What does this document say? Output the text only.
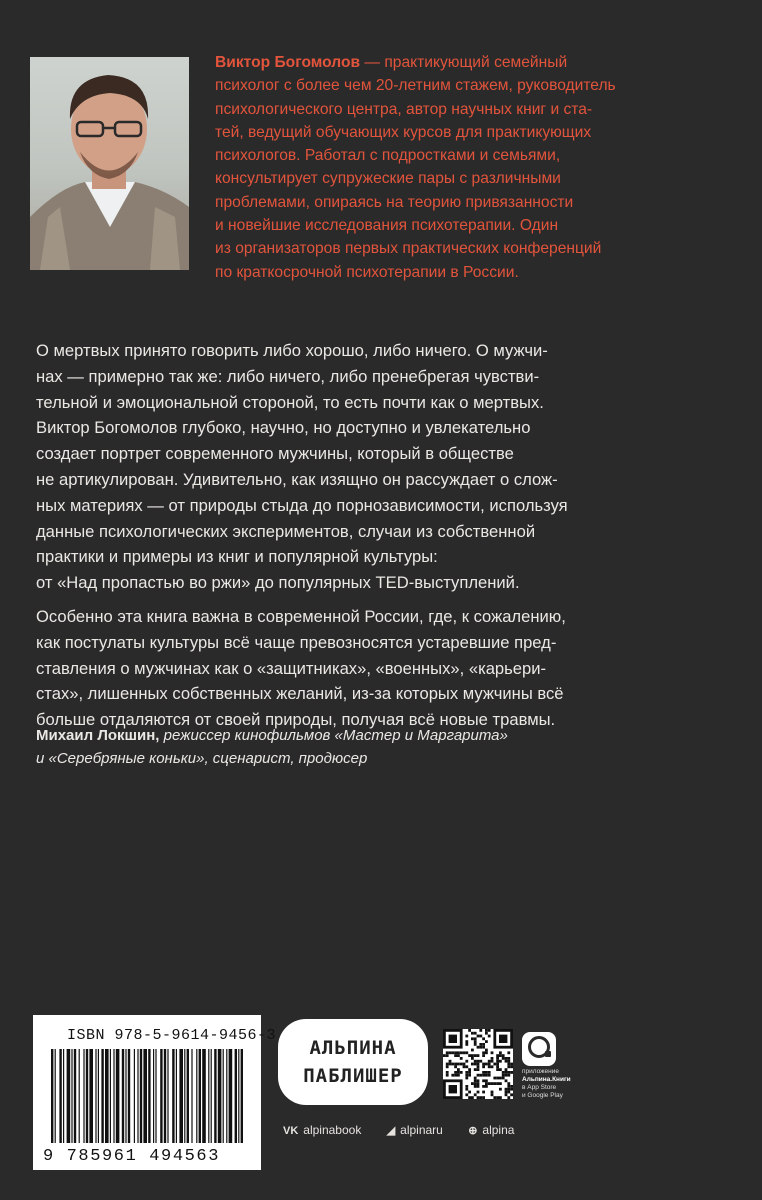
Виктор Богомолов — практикующий семейный
психолог с более чем 20-летним стажем, руководитель
психологического центра, автор научных книг и ста-
тей, ведущий обучающих курсов для практикующих
психологов. Работал с подростками и семьями,
консультирует супружеские пары с различными
проблемами, опираясь на теорию привязанности
и новейшие исследования психотерапии. Один
из организаторов первых практических конференций
по краткосрочной психотерапии в России.

О мертвых принято говорить либо хорошо, либо ничего. О мужчи-
нах — примерно так же: либо ничего, либо пренебрегая чувстви-
тельной и эмоциональной стороной, то есть почти как о мертвых.
Виктор Богомолов глубоко, научно, но доступно и увлекательно
создает портрет современного мужчины, который в обществе
не артикулирован. Удивительно, как изящно он рассуждает о слож-
ных материях — от природы стыда до порнозависимости, используя
данные психологических экспериментов, случаи из собственной
практики и примеры из книг и популярной культуры:
от «Над пропастью во ржи» до популярных TED-выступлений.

Особенно эта книга важна в современной России, где, к сожалению,
как постулаты культуры всё чаще превозносятся устаревшие пред-
ставления о мужчинах как о «защитниках», «военных», «карьери-
стах», лишенных собственных желаний, из-за которых мужчины всё
больше отдаляются от своей природы, получая всё новые травмы.

Михаил Локшин, режиссер кинофильмов «Мастер и Маргарита»
и «Серебряные коньки», сценарист, продюсер
ISBN 978-5-9614-9456-3
9 785961 494563
АЛЬПИНА
ПАБЛИШЕР	приложение
Альпина.Книги
в App Store
и Google Play
VK alpinabook ◢ alpinaru ⊕ alpina
